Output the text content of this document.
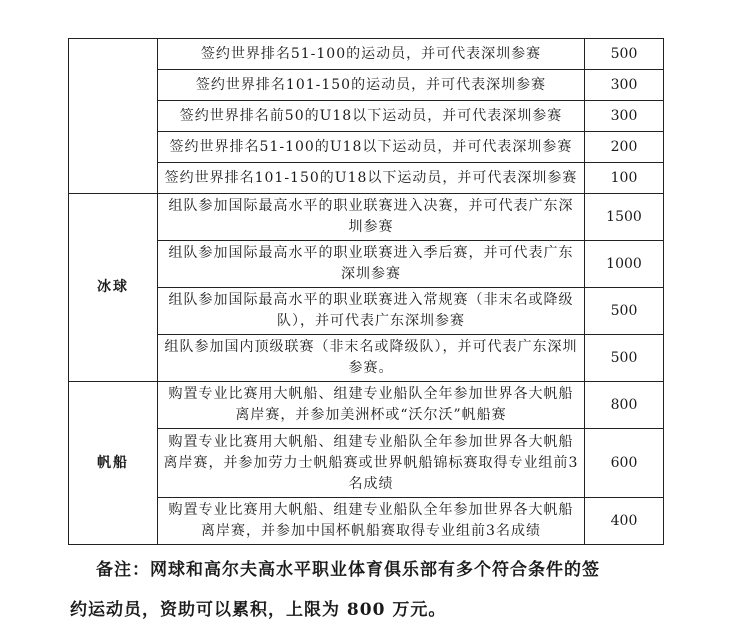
	签约世界排名51-100的运动员，并可代表深圳参赛	500
	签约世界排名101-150的运动员，并可代表深圳参赛	300
	签约世界排名前50的U18以下运动员，并可代表深圳参赛	300
	签约世界排名51-100的U18以下运动员，并可代表深圳参赛	200
	签约世界排名101-150的U18以下运动员，并可代表深圳参赛	100
冰球	组队参加国际最高水平的职业联赛进入决赛，并可代表广东深圳参赛	1500
	组队参加国际最高水平的职业联赛进入季后赛，并可代表广东深圳参赛	1000
	组队参加国际最高水平的职业联赛进入常规赛（非末名或降级队），并可代表广东深圳参赛	500
	组队参加国内顶级联赛（非末名或降级队），并可代表广东深圳参赛。	500
帆船	购置专业比赛用大帆船、组建专业船队全年参加世界各大帆船离岸赛，并参加美洲杯或“沃尔沃”帆船赛	800
	购置专业比赛用大帆船、组建专业船队全年参加世界各大帆船离岸赛，并参加劳力士帆船赛或世界帆船锦标赛取得专业组前3名成绩	600
	购置专业比赛用大帆船、组建专业船队全年参加世界各大帆船离岸赛，并参加中国杯帆船赛取得专业组前3名成绩	400
备注：网球和高尔夫高水平职业体育俱乐部有多个符合条件的签
约运动员，资助可以累积，上限为 800 万元。
